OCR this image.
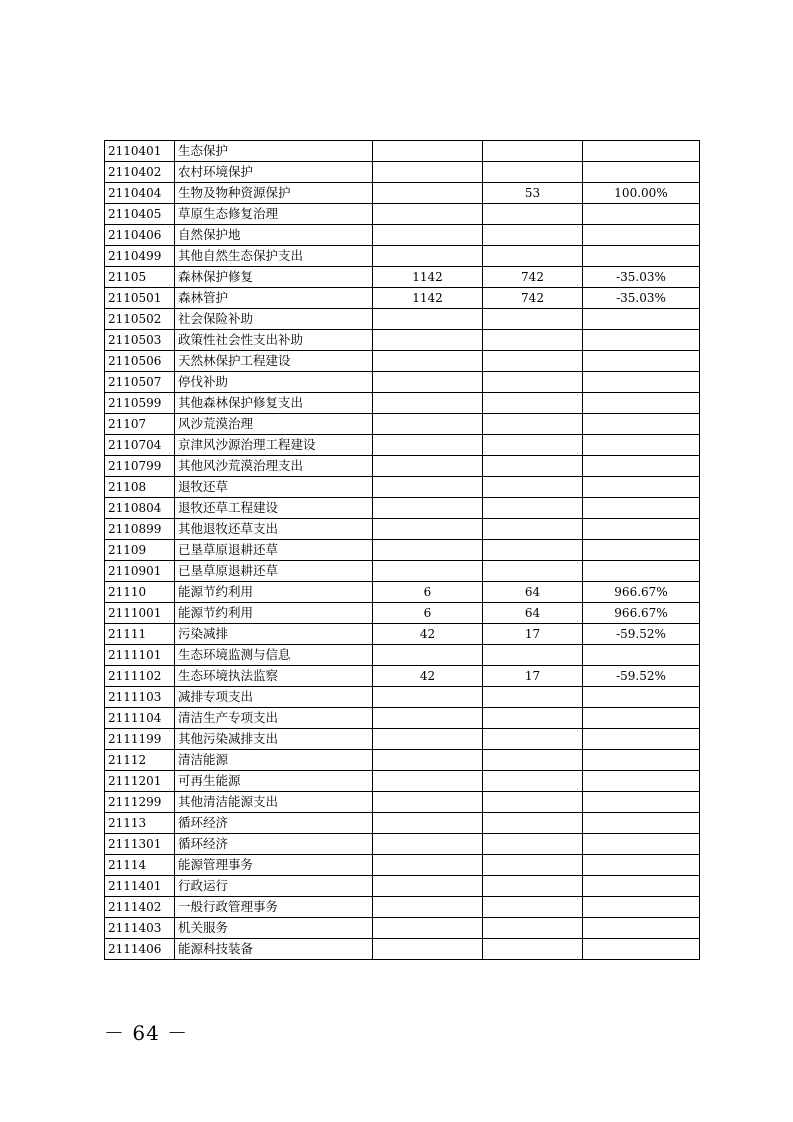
2110401	生态保护			
2110402	农村环境保护			
2110404	生物及物种资源保护		53	100.00%
2110405	草原生态修复治理			
2110406	自然保护地			
2110499	其他自然生态保护支出			
21105	森林保护修复	1142	742	-35.03%
2110501	森林管护	1142	742	-35.03%
2110502	社会保险补助			
2110503	政策性社会性支出补助			
2110506	天然林保护工程建设			
2110507	停伐补助			
2110599	其他森林保护修复支出			
21107	风沙荒漠治理			
2110704	京津风沙源治理工程建设			
2110799	其他风沙荒漠治理支出			
21108	退牧还草			
2110804	退牧还草工程建设			
2110899	其他退牧还草支出			
21109	已垦草原退耕还草			
2110901	已垦草原退耕还草			
21110	能源节约利用	6	64	966.67%
2111001	能源节约利用	6	64	966.67%
21111	污染减排	42	17	-59.52%
2111101	生态环境监测与信息			
2111102	生态环境执法监察	42	17	-59.52%
2111103	减排专项支出			
2111104	清洁生产专项支出			
2111199	其他污染减排支出			
21112	清洁能源			
2111201	可再生能源			
2111299	其他清洁能源支出			
21113	循环经济			
2111301	循环经济			
21114	能源管理事务			
2111401	行政运行			
2111402	一般行政管理事务			
2111403	机关服务			
2111406	能源科技装备			
－ 64 －
